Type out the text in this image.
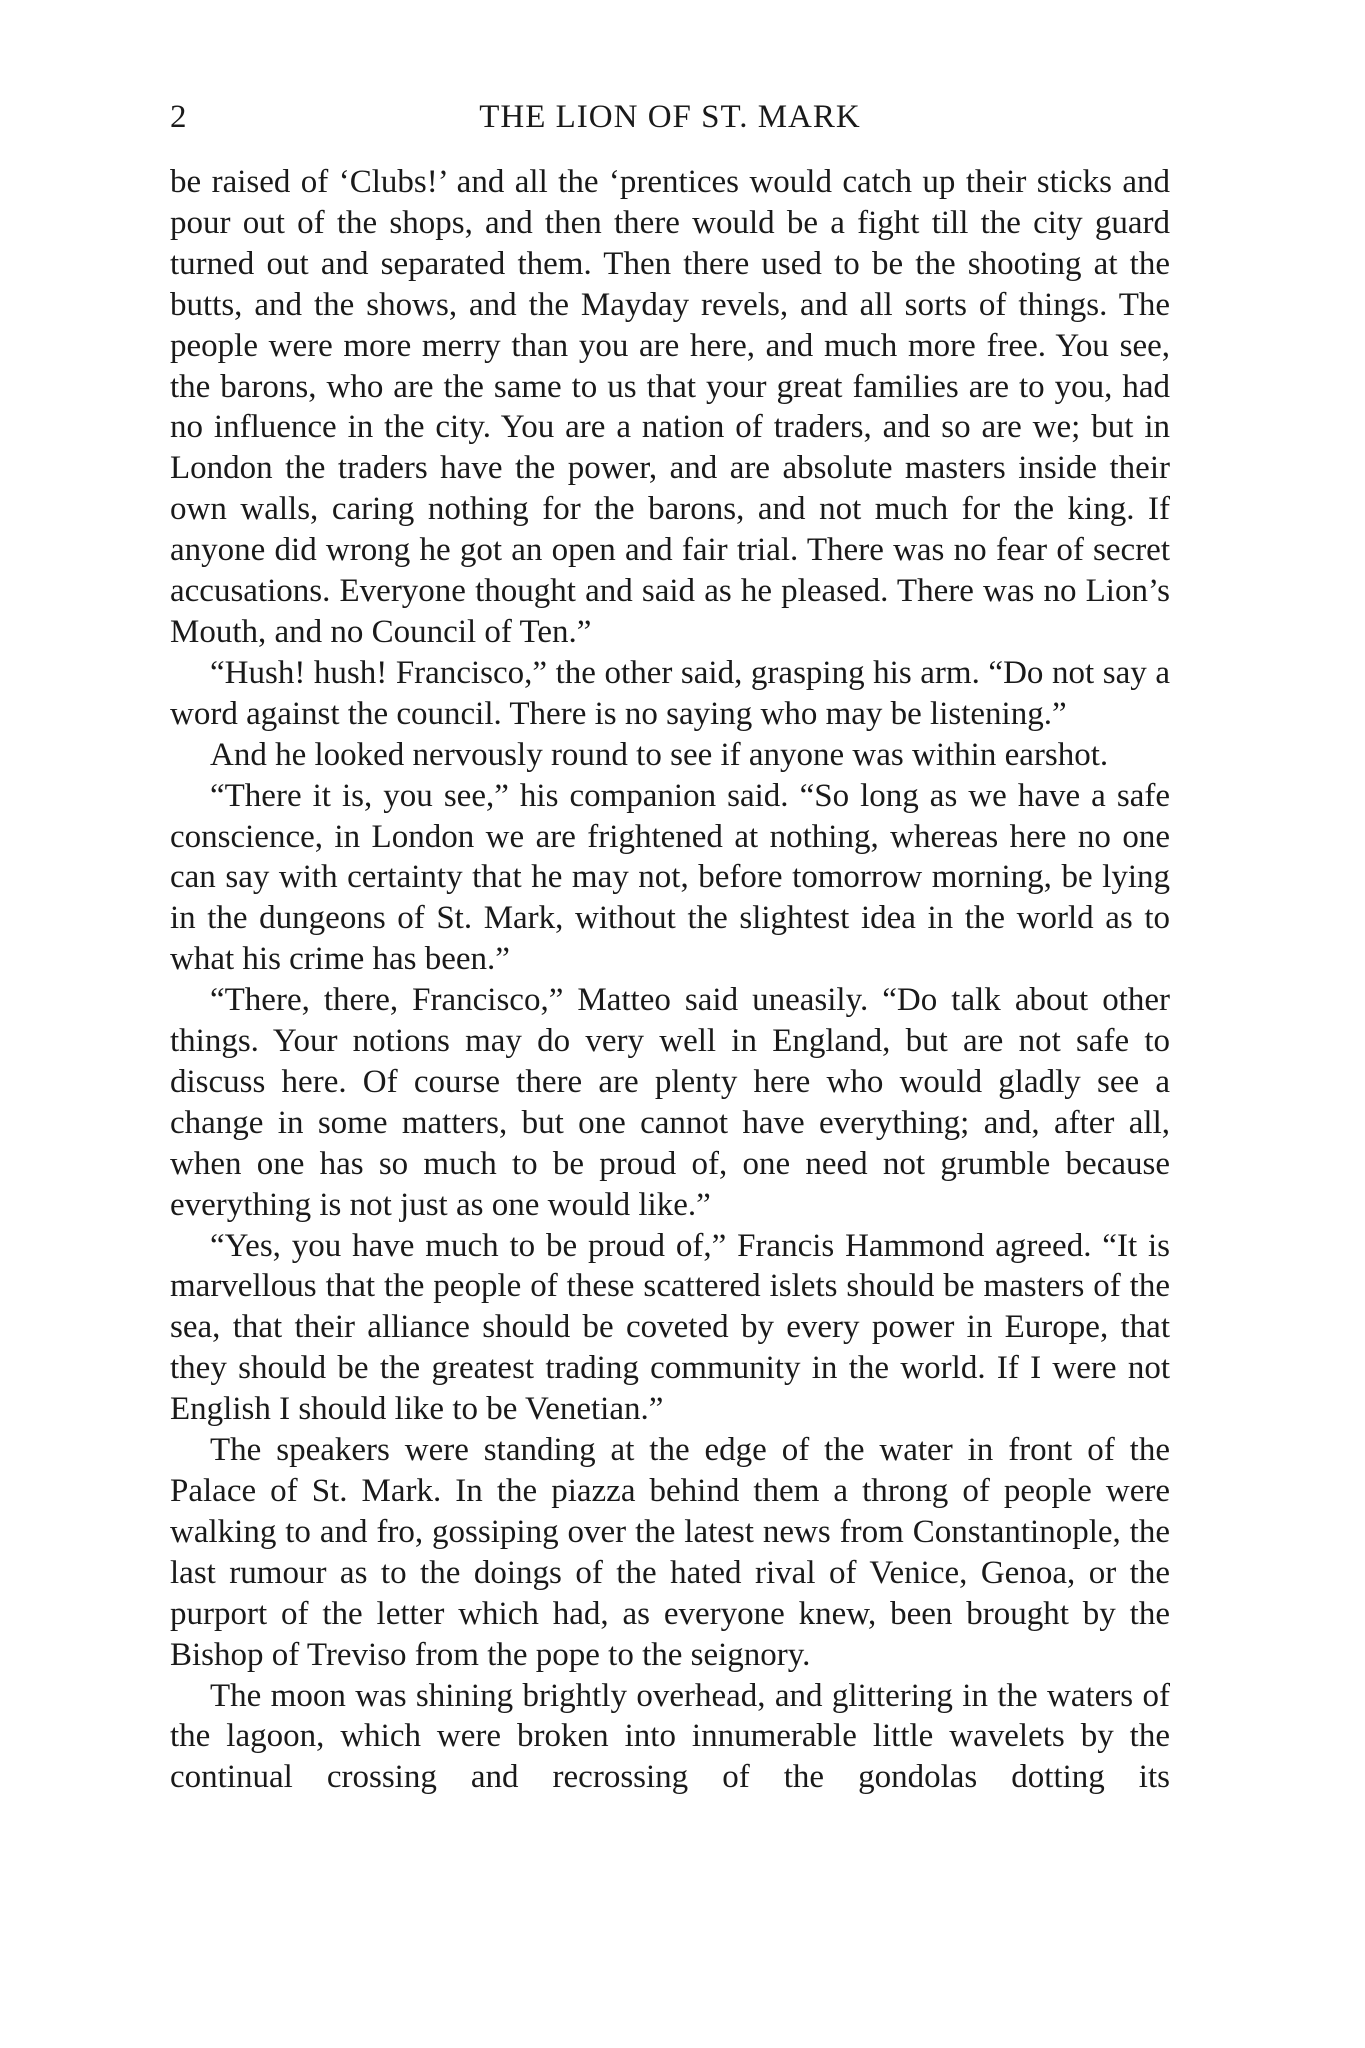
2	THE LION OF ST. MARK

be raised of ‘Clubs!’ and all the ‘prentices would catch up their sticks and pour out of the shops, and then there would be a fight till the city guard turned out and separated them. Then there used to be the shooting at the butts, and the shows, and the Mayday revels, and all sorts of things. The people were more merry than you are here, and much more free. You see, the barons, who are the same to us that your great families are to you, had no influence in the city. You are a nation of traders, and so are we; but in London the traders have the power, and are absolute masters inside their own walls, caring nothing for the barons, and not much for the king. If anyone did wrong he got an open and fair trial. There was no fear of secret accusations. Everyone thought and said as he pleased. There was no Lion’s Mouth, and no Council of Ten.”

“Hush! hush! Francisco,” the other said, grasping his arm. “Do not say a word against the council. There is no saying who may be listening.”

And he looked nervously round to see if anyone was within earshot.

“There it is, you see,” his companion said. “So long as we have a safe conscience, in London we are frightened at nothing, whereas here no one can say with certainty that he may not, before tomorrow morning, be lying in the dungeons of St. Mark, without the slightest idea in the world as to what his crime has been.”

“There, there, Francisco,” Matteo said uneasily. “Do talk about other things. Your notions may do very well in England, but are not safe to discuss here. Of course there are plenty here who would gladly see a change in some matters, but one cannot have everything; and, after all, when one has so much to be proud of, one need not grumble because everything is not just as one would like.”

“Yes, you have much to be proud of,” Francis Hammond agreed. “It is marvellous that the people of these scattered islets should be masters of the sea, that their alliance should be coveted by every power in Europe, that they should be the greatest trading community in the world. If I were not English I should like to be Venetian.”

The speakers were standing at the edge of the water in front of the Palace of St. Mark. In the piazza behind them a throng of people were walking to and fro, gossiping over the latest news from Constantinople, the last rumour as to the doings of the hated rival of Venice, Genoa, or the purport of the letter which had, as everyone knew, been brought by the Bishop of Treviso from the pope to the seignory.

The moon was shining brightly overhead, and glittering in the waters of the lagoon, which were broken into innumerable little wavelets by the continual crossing and recrossing of the gondolas dotting its
